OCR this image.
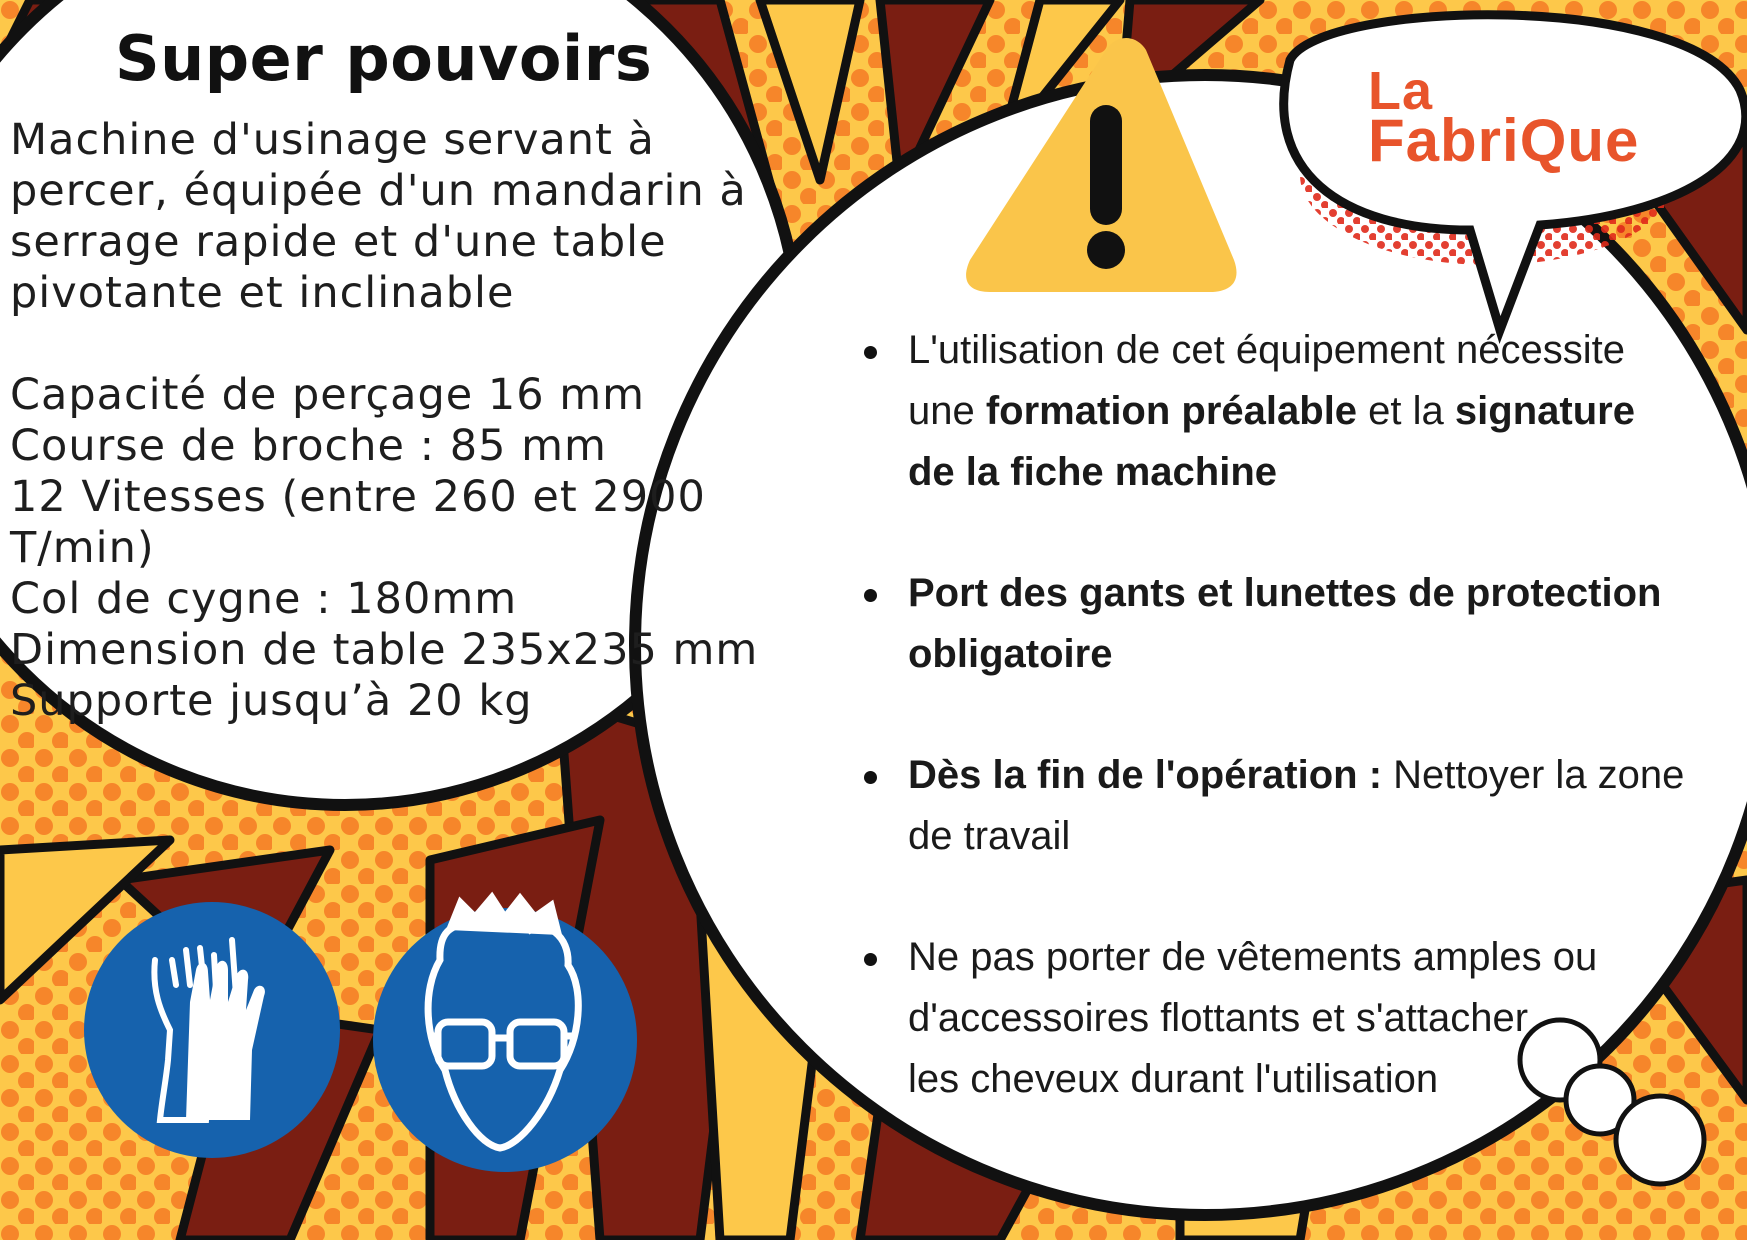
Super pouvoirs
Machine d'usinage servant à
percer, équipée d'un mandarin à
serrage rapide et d'une table
pivotante et inclinable
Capacité de perçage 16 mm
Course de broche : 85 mm
12 Vitesses (entre 260 et 2900 T/min)
Col de cygne : 180mm
Dimension de table 235x235 mm
Supporte jusqu’à 20 kg
La
FabriQue
L'utilisation de cet équipement nécessite une formation préalable et la signature de la fiche machine
Port des gants et lunettes de protection obligatoire
Dès la fin de l'opération : Nettoyer la zone de travail
Ne pas porter de vêtements amples ou d'accessoires flottants et s'attacher
les cheveux durant l'utilisation
